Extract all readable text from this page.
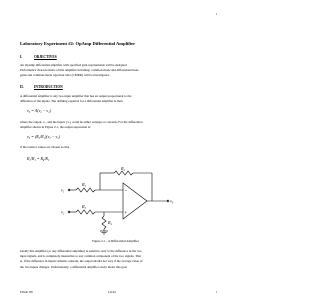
1
Laboratory Experiment #2: OpAmp Differential Amplifier
I.	OBJECTIVES

An OpAmp differential amplifier with specified gain requirements will be designed.

Performance characteristics of this amplifier including: common-mode and differential mode

gains and common-mode rejection ratio (CMRR) will be investigated.

II.	INTRODUCTION

A differential amplifier is any two-input amplifier that has an output proportional to the

difference of the inputs. The defining equation for a differential amplifier is then

v₀ = A(v₂ − v₁)

where the output, v₀, and the inputs {vᵢ} could be either voltages or currents. For the differential

amplifier shown in Figure 2-1, the output expression is:

v₀ = (R₂/R₁)(v₂ − v₁)

if the resistor values are chosen so that

R₂/R₁ = R₄/R₃
R₂
R₁
R₃
R₄
v₁
v₂
v₀
−
+
Figure 2-1 - A Differential Amplifier

Ideally this amplifier (or any differential amplifier) is sensitive only to the difference in the two

input signals, and is completely insensitive to any common component of the two signals. That

is, if the difference in inputs remains constant, the output should not vary if the average value of

the two inputs changes. Unfortunately, a differential amplifier rarely meets this goal

ENGR 138	Lab #2	1
